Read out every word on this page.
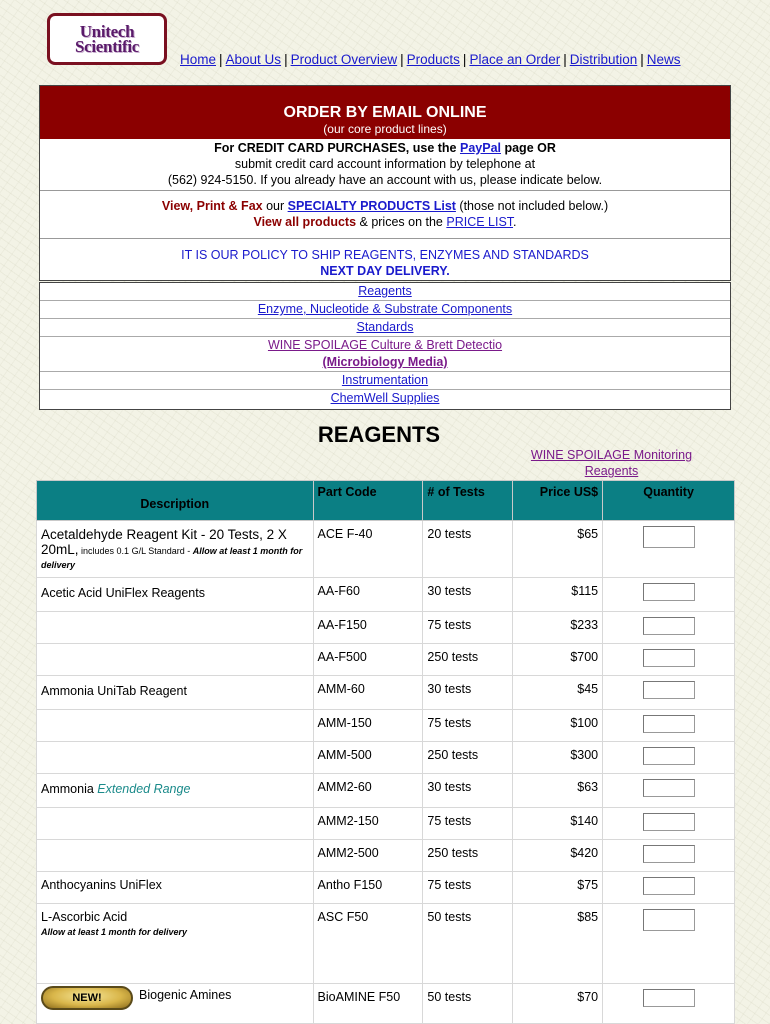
Unitech
Scientific
Home | About Us | Product Overview | Products | Place an Order | Distribution | News
ORDER BY EMAIL ONLINE
(our core product lines)
For CREDIT CARD PURCHASES, use the PayPal page OR
submit credit card account information by telephone at
(562) 924-5150. If you already have an account with us, please indicate below.
View, Print & Fax our SPECIALTY PRODUCTS List (those not included below.)
View all products & prices on the PRICE LIST.
IT IS OUR POLICY TO SHIP REAGENTS, ENZYMES AND STANDARDS
NEXT DAY DELIVERY.
Reagents
Enzyme, Nucleotide & Substrate Components
Standards
WINE SPOILAGE Culture & Brett Detectio
(Microbiology Media)
Instrumentation
ChemWell Supplies
REAGENTS
WINE SPOILAGE Monitoring Reagents
Description	Part Code	# of Tests	Price US$	Quantity
Acetaldehyde Reagent Kit - 20 Tests, 2 X 20mL, includes 0.1 G/L Standard - Allow at least 1 month for delivery	ACE F-40	20 tests	$65	
Acetic Acid UniFlex Reagents	AA-F60	30 tests	$115	
	AA-F150	75 tests	$233	
	AA-F500	250 tests	$700	
Ammonia UniTab Reagent	AMM-60	30 tests	$45	
	AMM-150	75 tests	$100	
	AMM-500	250 tests	$300	
Ammonia Extended Range	AMM2-60	30 tests	$63	
	AMM2-150	75 tests	$140	
	AMM2-500	250 tests	$420	
Anthocyanins UniFlex	Antho F150	75 tests	$75	
L-Ascorbic Acid
Allow at least 1 month for delivery	ASC F50	50 tests	$85	
NEW! Biogenic Amines	BioAMINE F50	50 tests	$70	
